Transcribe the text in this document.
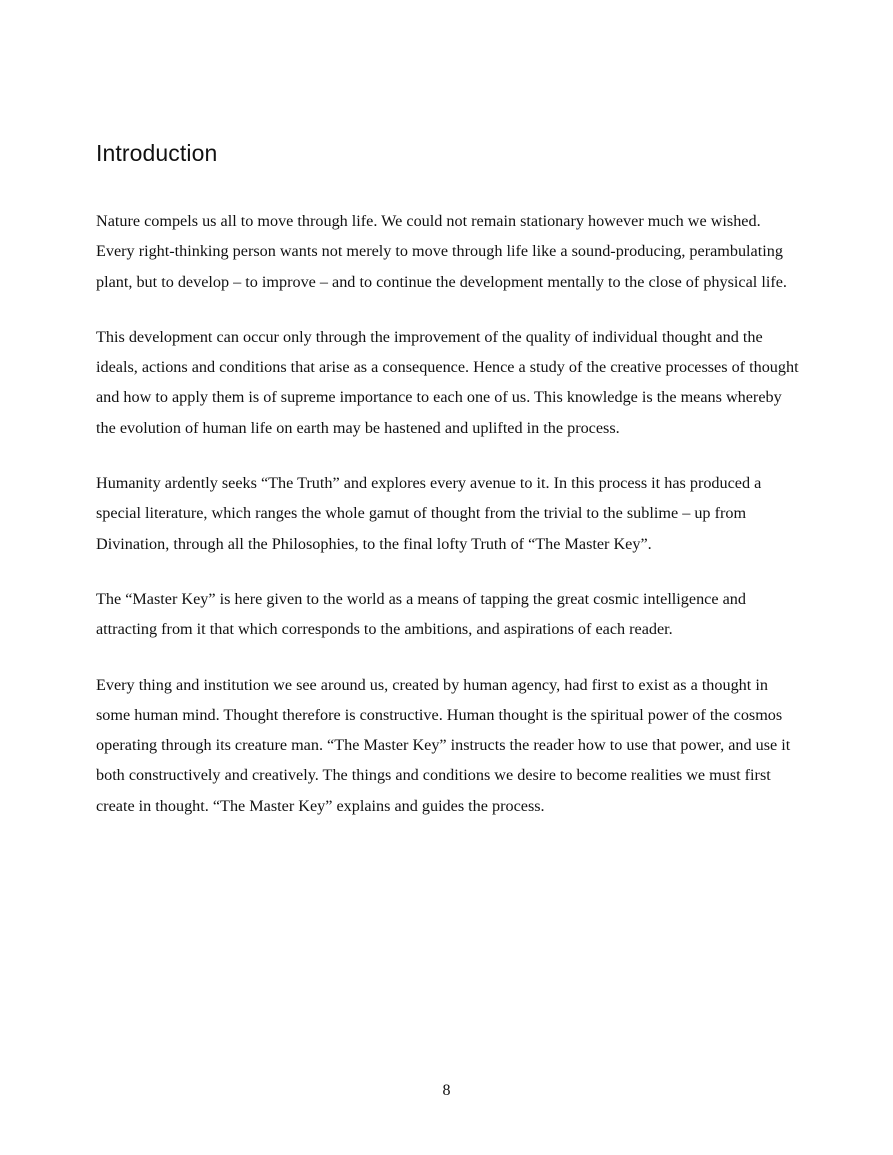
Introduction

Nature compels us all to move through life. We could not remain stationary however much we wished. Every right-thinking person wants not merely to move through life like a sound-producing, perambulating plant, but to develop – to improve – and to continue the development mentally to the close of physical life.

This development can occur only through the improvement of the quality of individual thought and the ideals, actions and conditions that arise as a consequence. Hence a study of the creative processes of thought and how to apply them is of supreme importance to each one of us. This knowledge is the means whereby the evolution of human life on earth may be hastened and uplifted in the process.

Humanity ardently seeks “The Truth” and explores every avenue to it. In this process it has produced a special literature, which ranges the whole gamut of thought from the trivial to the sublime – up from Divination, through all the Philosophies, to the final lofty Truth of “The Master Key”.

The “Master Key” is here given to the world as a means of tapping the great cosmic intelligence and attracting from it that which corresponds to the ambitions, and aspirations of each reader.

Every thing and institution we see around us, created by human agency, had first to exist as a thought in some human mind. Thought therefore is constructive. Human thought is the spiritual power of the cosmos operating through its creature man. “The Master Key” instructs the reader how to use that power, and use it both constructively and creatively. The things and conditions we desire to become realities we must first create in thought. “The Master Key” explains and guides the process.

8
